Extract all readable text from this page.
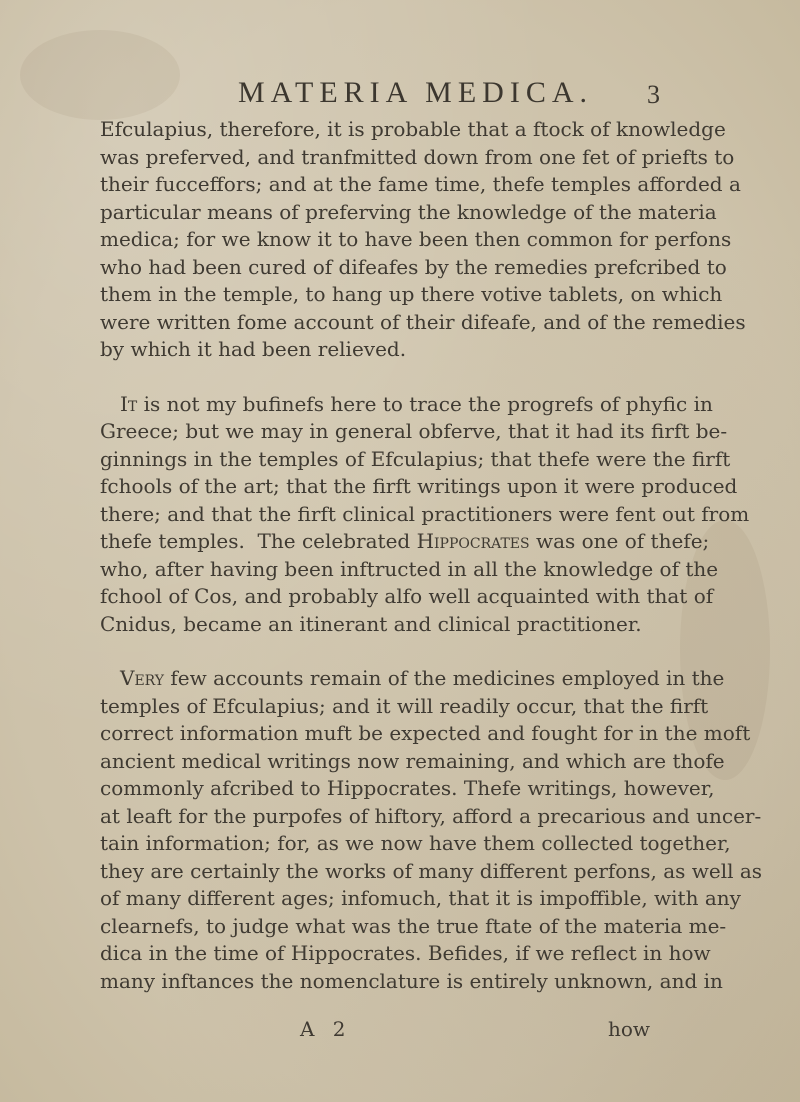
MATERIA MEDICA. 3

Efculapius, therefore, it is probable that a ftock of knowledge
was preferved, and tranfmitted down from one fet of priefts to
their fucceffors; and at the fame time, thefe temples afforded a
particular means of preferving the knowledge of the materia
medica; for we know it to have been then common for perfons
who had been cured of difeafes by the remedies prefcribed to
them in the temple, to hang up there votive tablets, on which
were written fome account of their difeafe, and of the remedies
by which it had been relieved.

It is not my bufinefs here to trace the progrefs of phyfic in
Greece; but we may in general obferve, that it had its firft be-
ginnings in the temples of Efculapius; that thefe were the firft
fchools of the art; that the firft writings upon it were produced
there; and that the firft clinical practitioners were fent out from
thefe temples.  The celebrated Hippocrates was one of thefe;
who, after having been inftructed in all the knowledge of the
fchool of Cos, and probably alfo well acquainted with that of
Cnidus, became an itinerant and clinical practitioner.

Very few accounts remain of the medicines employed in the
temples of Efculapius; and it will readily occur, that the firft
correct information muft be expected and fought for in the moft
ancient medical writings now remaining, and which are thofe
commonly afcribed to Hippocrates. Thefe writings, however,
at leaft for the purpofes of hiftory, afford a precarious and uncer-
tain information; for, as we now have them collected together,
they are certainly the works of many different perfons, as well as
of many different ages; infomuch, that it is impoffible, with any
clearnefs, to judge what was the true ftate of the materia me-
dica in the time of Hippocrates. Befides, if we reflect in how
many inftances the nomenclature is entirely unknown, and in

A 2	how
